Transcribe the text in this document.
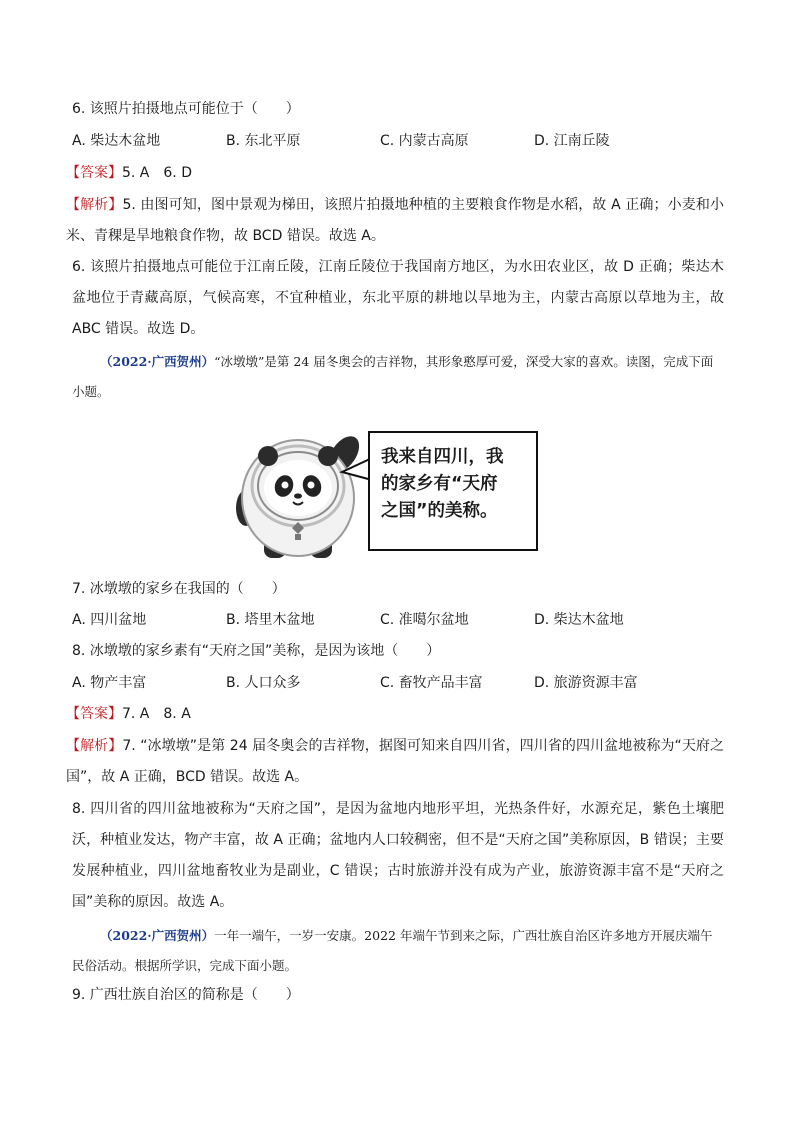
6. 该照片拍摄地点可能位于（　　）
A. 柴达木盆地	B. 东北平原	C. 内蒙古高原	D. 江南丘陵
【答案】5. A　6. D
【解析】5. 由图可知，图中景观为梯田，该照片拍摄地种植的主要粮食作物是水稻，故 A 正确；小麦和小米、青稞是旱地粮食作物，故 BCD 错误。故选 A。
6. 该照片拍摄地点可能位于江南丘陵，江南丘陵位于我国南方地区，为水田农业区，故 D 正确；柴达木盆地位于青藏高原，气候高寒，不宜种植业，东北平原的耕地以旱地为主，内蒙古高原以草地为主，故 ABC 错误。故选 D。
（2022·广西贺州）“冰墩墩”是第 24 届冬奥会的吉祥物，其形象憨厚可爱，深受大家的喜欢。读图，完成下面小题。
我来自四川，我
的家乡有“天府
之国”的美称。
7. 冰墩墩的家乡在我国的（　　）
A. 四川盆地	B. 塔里木盆地	C. 准噶尔盆地	D. 柴达木盆地
8. 冰墩墩的家乡素有“天府之国”美称，是因为该地（　　）
A. 物产丰富	B. 人口众多	C. 畜牧产品丰富	D. 旅游资源丰富
【答案】7. A　8. A
【解析】7. “冰墩墩”是第 24 届冬奥会的吉祥物，据图可知来自四川省，四川省的四川盆地被称为“天府之国”，故 A 正确，BCD 错误。故选 A。
8. 四川省的四川盆地被称为“天府之国”，是因为盆地内地形平坦，光热条件好，水源充足，紫色土壤肥沃，种植业发达，物产丰富，故 A 正确；盆地内人口较稠密，但不是“天府之国”美称原因，B 错误；主要发展种植业，四川盆地畜牧业为是副业，C 错误；古时旅游并没有成为产业，旅游资源丰富不是“天府之国”美称的原因。故选 A。
（2022·广西贺州）一年一端午，一岁一安康。2022 年端午节到来之际，广西壮族自治区许多地方开展庆端午民俗活动。根据所学识，完成下面小题。
9. 广西壮族自治区的简称是（　　）
